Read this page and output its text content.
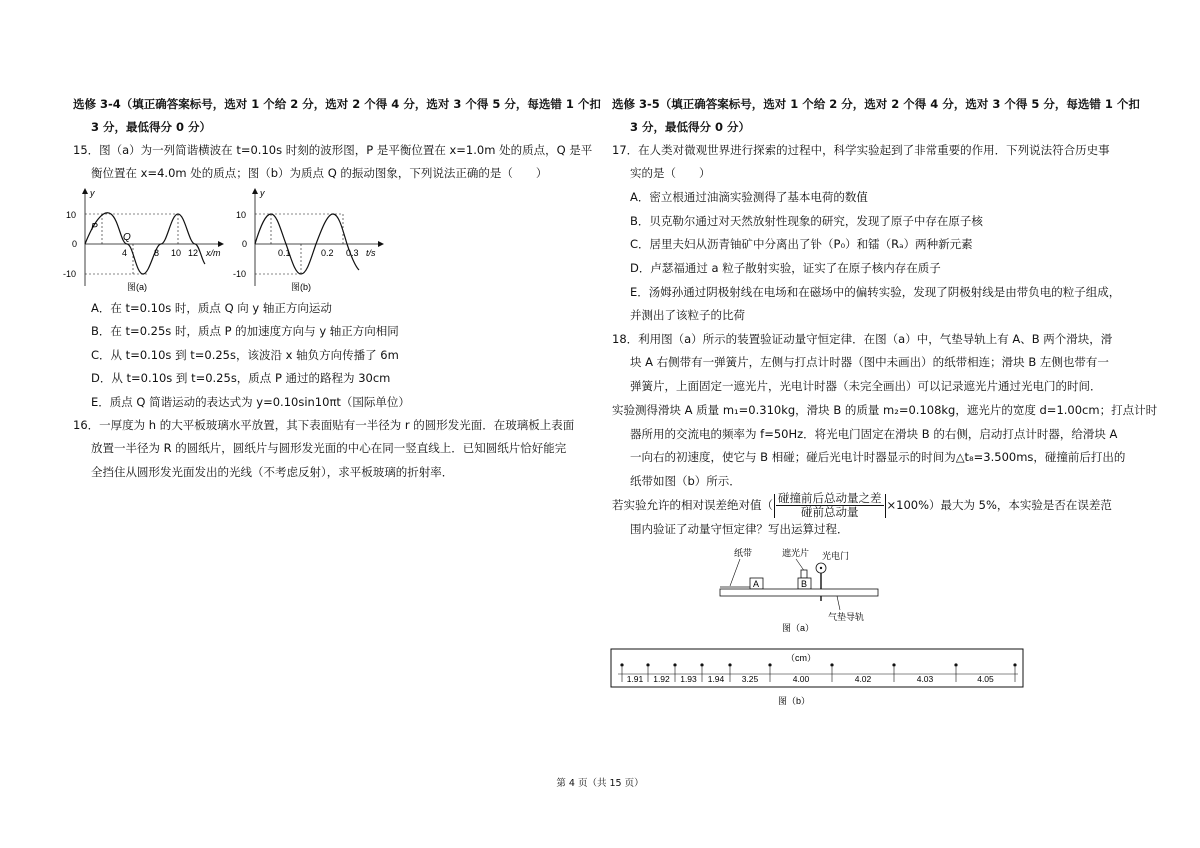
选修 3-4（填正确答案标号，选对 1 个给 2 分，选对 2 个得 4 分，选对 3 个得 5 分，每选错 1 个扣
3 分，最低得分 0 分）
15．图（a）为一列简谐横波在 t=0.10s 时刻的波形图，P 是平衡位置在 x=1.0m 处的质点，Q 是平
衡位置在 x=4.0m 处的质点；图（b）为质点 Q 的振动图象，下列说法正确的是（　　）
y
10
0
-10
P
Q
4	8 10 12 x/m
图(a)
y
10
0
-10
0.1	0.2 0.3 t/s
图(b)
A．在 t=0.10s 时，质点 Q 向 y 轴正方向运动
B．在 t=0.25s 时，质点 P 的加速度方向与 y 轴正方向相同
C．从 t=0.10s 到 t=0.25s，该波沿 x 轴负方向传播了 6m
D．从 t=0.10s 到 t=0.25s，质点 P 通过的路程为 30cm
E．质点 Q 简谐运动的表达式为 y=0.10sin10πt（国际单位）
16．一厚度为 h 的大平板玻璃水平放置，其下表面贴有一半径为 r 的圆形发光面．在玻璃板上表面
放置一半径为 R 的圆纸片，圆纸片与圆形发光面的中心在同一竖直线上．已知圆纸片恰好能完
全挡住从圆形发光面发出的光线（不考虑反射），求平板玻璃的折射率．
选修 3-5（填正确答案标号，选对 1 个给 2 分，选对 2 个得 4 分，选对 3 个得 5 分，每选错 1 个扣
3 分，最低得分 0 分）
17．在人类对微观世界进行探索的过程中，科学实验起到了非常重要的作用．下列说法符合历史事
实的是（　　）
A．密立根通过油滴实验测得了基本电荷的数值
B．贝克勒尔通过对天然放射性现象的研究，发现了原子中存在原子核
C．居里夫妇从沥青铀矿中分离出了钋（P₀）和镭（Rₐ）两种新元素
D．卢瑟福通过 a 粒子散射实验，证实了在原子核内存在质子
E．汤姆孙通过阴极射线在电场和在磁场中的偏转实验，发现了阴极射线是由带负电的粒子组成，
并测出了该粒子的比荷
18．利用图（a）所示的装置验证动量守恒定律．在图（a）中，气垫导轨上有 A、B 两个滑块，滑
块 A 右侧带有一弹簧片，左侧与打点计时器（图中未画出）的纸带相连；滑块 B 左侧也带有一
弹簧片，上面固定一遮光片，光电计时器（未完全画出）可以记录遮光片通过光电门的时间．
实验测得滑块 A 质量 m₁=0.310kg，滑块 B 的质量 m₂=0.108kg，遮光片的宽度 d=1.00cm；打点计时
器所用的交流电的频率为 f=50Hz．将光电门固定在滑块 B 的右侧，启动打点计时器，给滑块 A
一向右的初速度，使它与 B 相碰；碰后光电计时器显示的时间为△t₈=3.500ms，碰撞前后打出的
纸带如图（b）所示．
若实验允许的相对误差绝对值（ $\frac{\text{碰撞前后总动量之差}}{\text{碰前总动量}} \times 100\%$）最大为 5%，本实验是否在误差范
围内验证了动量守恒定律？写出运算过程．
纸带	遮光片 光电门
A	B
气垫导轨
图（a）
（cm）
1.91 1.92 1.93 1.94 3.25	4.00	4.02	4.03	4.05
图（b）
第 4 页（共 15 页）
